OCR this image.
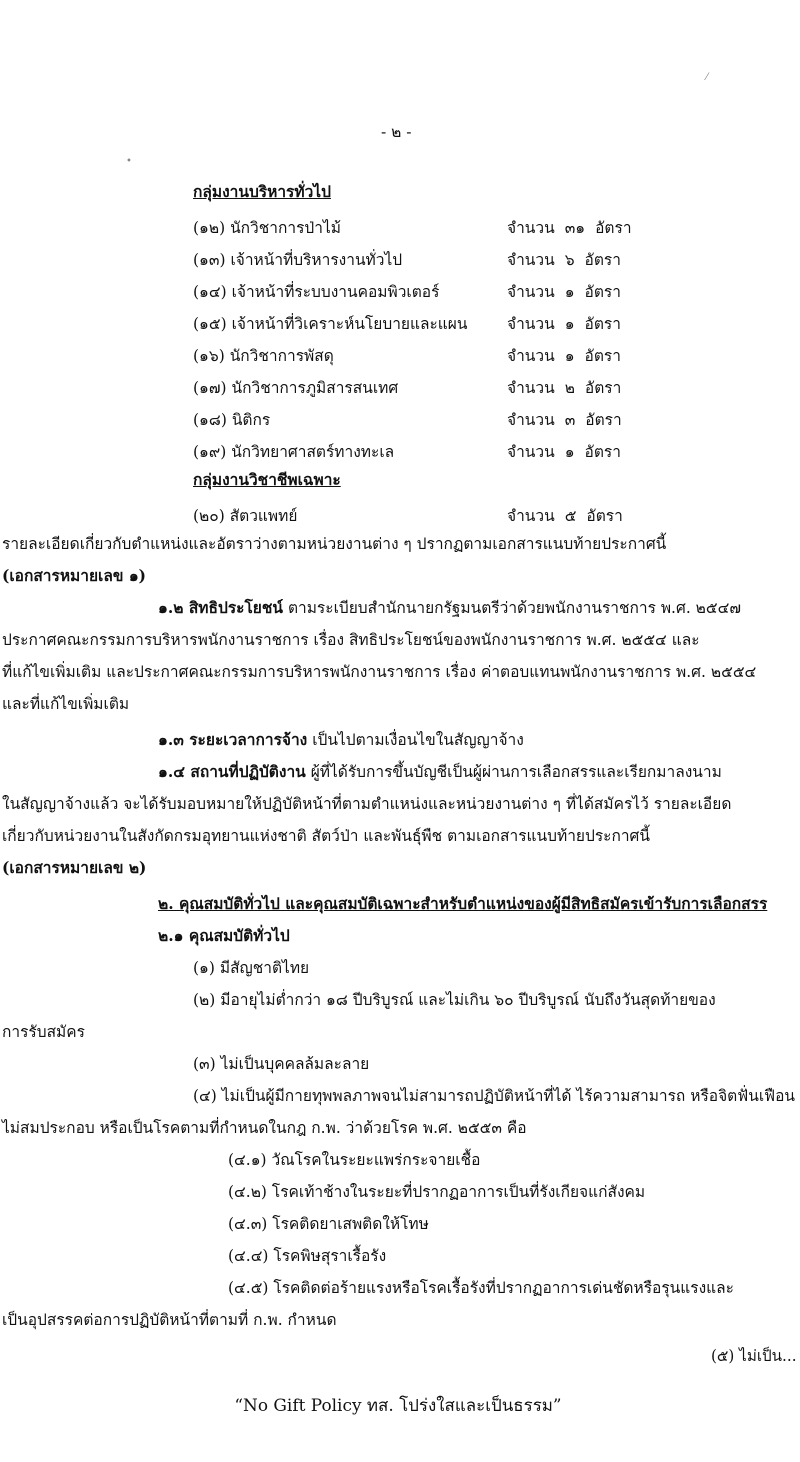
⁄
•
- ๒ -
กลุ่มงานบริหารทั่วไป
(๑๒) นักวิชาการป่าไม้	จำนวน ๓๑ อัตรา
(๑๓) เจ้าหน้าที่บริหารงานทั่วไป	จำนวน ๖ อัตรา
(๑๔) เจ้าหน้าที่ระบบงานคอมพิวเตอร์	จำนวน ๑ อัตรา
(๑๕) เจ้าหน้าที่วิเคราะห์นโยบายและแผน	จำนวน ๑ อัตรา
(๑๖) นักวิชาการพัสดุ	จำนวน ๑ อัตรา
(๑๗) นักวิชาการภูมิสารสนเทศ	จำนวน ๒ อัตรา
(๑๘) นิติกร	จำนวน ๓ อัตรา
(๑๙) นักวิทยาศาสตร์ทางทะเล	จำนวน ๑ อัตรา
กลุ่มงานวิชาชีพเฉพาะ
(๒๐) สัตวแพทย์	จำนวน ๕ อัตรา
รายละเอียดเกี่ยวกับตำแหน่งและอัตราว่างตามหน่วยงานต่าง ๆ ปรากฏตามเอกสารแนบท้ายประกาศนี้
(เอกสารหมายเลข ๑)
๑.๒ สิทธิประโยชน์ ตามระเบียบสำนักนายกรัฐมนตรีว่าด้วยพนักงานราชการ พ.ศ. ๒๕๔๗
ประกาศคณะกรรมการบริหารพนักงานราชการ เรื่อง สิทธิประโยชน์ของพนักงานราชการ พ.ศ. ๒๕๕๔ และ
ที่แก้ไขเพิ่มเติม และประกาศคณะกรรมการบริหารพนักงานราชการ เรื่อง ค่าตอบแทนพนักงานราชการ พ.ศ. ๒๕๕๔
และที่แก้ไขเพิ่มเติม
๑.๓ ระยะเวลาการจ้าง เป็นไปตามเงื่อนไขในสัญญาจ้าง
๑.๔ สถานที่ปฏิบัติงาน ผู้ที่ได้รับการขึ้นบัญชีเป็นผู้ผ่านการเลือกสรรและเรียกมาลงนาม
ในสัญญาจ้างแล้ว จะได้รับมอบหมายให้ปฏิบัติหน้าที่ตามตำแหน่งและหน่วยงานต่าง ๆ ที่ได้สมัครไว้ รายละเอียด
เกี่ยวกับหน่วยงานในสังกัดกรมอุทยานแห่งชาติ สัตว์ป่า และพันธุ์พืช ตามเอกสารแนบท้ายประกาศนี้
(เอกสารหมายเลข ๒)
๒. คุณสมบัติทั่วไป และคุณสมบัติเฉพาะสำหรับตำแหน่งของผู้มีสิทธิสมัครเข้ารับการเลือกสรร
๒.๑ คุณสมบัติทั่วไป
(๑) มีสัญชาติไทย
(๒) มีอายุไม่ต่ำกว่า ๑๘ ปีบริบูรณ์ และไม่เกิน ๖๐ ปีบริบูรณ์ นับถึงวันสุดท้ายของ
การรับสมัคร
(๓) ไม่เป็นบุคคลล้มละลาย
(๔) ไม่เป็นผู้มีกายทุพพลภาพจนไม่สามารถปฏิบัติหน้าที่ได้ ไร้ความสามารถ หรือจิตฟั่นเฟือน
ไม่สมประกอบ หรือเป็นโรคตามที่กำหนดในกฎ ก.พ. ว่าด้วยโรค พ.ศ. ๒๕๕๓ คือ
(๔.๑) วัณโรคในระยะแพร่กระจายเชื้อ
(๔.๒) โรคเท้าช้างในระยะที่ปรากฏอาการเป็นที่รังเกียจแก่สังคม
(๔.๓) โรคติดยาเสพติดให้โทษ
(๔.๔) โรคพิษสุราเรื้อรัง
(๔.๕) โรคติดต่อร้ายแรงหรือโรคเรื้อรังที่ปรากฏอาการเด่นชัดหรือรุนแรงและ
เป็นอุปสรรคต่อการปฏิบัติหน้าที่ตามที่ ก.พ. กำหนด
(๕) ไม่เป็น...
“No Gift Policy ทส. โปร่งใสและเป็นธรรม”
